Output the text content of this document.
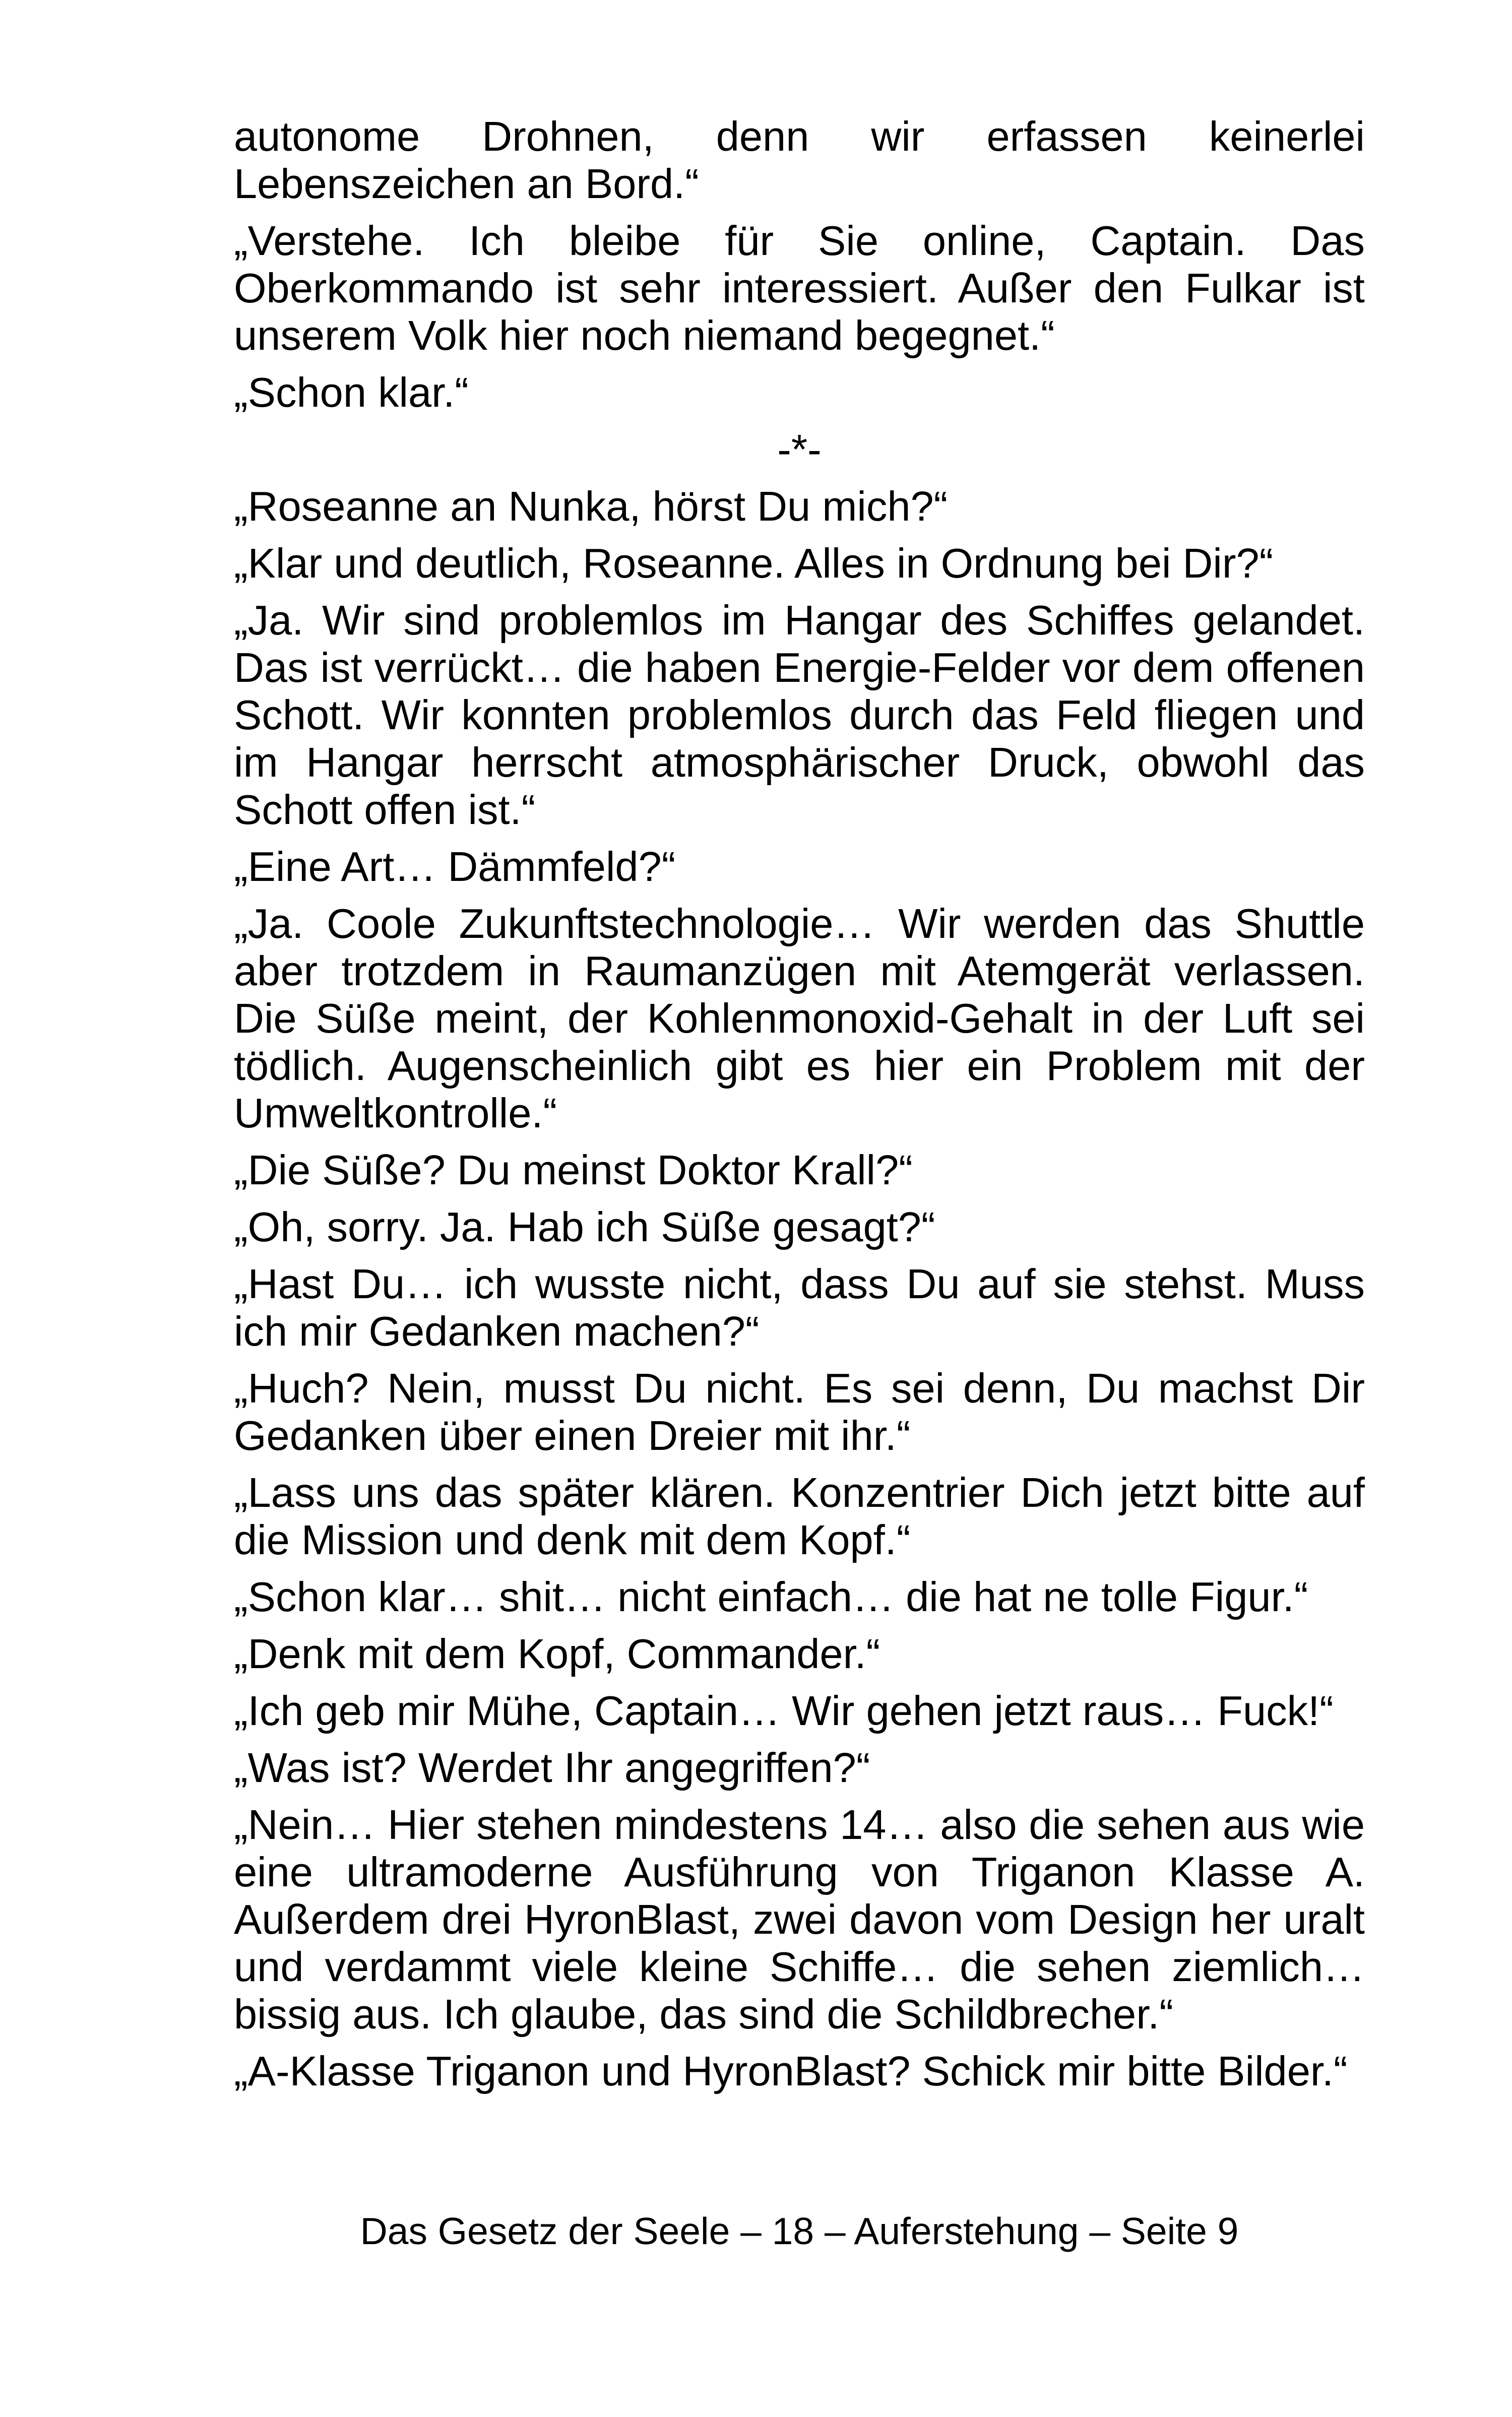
autonome Drohnen, denn wir erfassen keinerlei Lebenszeichen an Bord.“

„Verstehe. Ich bleibe für Sie online, Captain. Das Oberkommando ist sehr interessiert. Außer den Fulkar ist unserem Volk hier noch niemand begegnet.“

„Schon klar.“

-*-

„Roseanne an Nunka, hörst Du mich?“

„Klar und deutlich, Roseanne. Alles in Ordnung bei Dir?“

„Ja. Wir sind problemlos im Hangar des Schiffes gelandet. Das ist verrückt… die haben Energie-Felder vor dem offenen Schott. Wir konnten problemlos durch das Feld fliegen und im Hangar herrscht atmosphärischer Druck, obwohl das Schott offen ist.“

„Eine Art… Dämmfeld?“

„Ja. Coole Zukunftstechnologie… Wir werden das Shuttle aber trotzdem in Raumanzügen mit Atemgerät verlassen. Die Süße meint, der Kohlenmonoxid-Gehalt in der Luft sei tödlich. Augenscheinlich gibt es hier ein Problem mit der Umweltkontrolle.“

„Die Süße? Du meinst Doktor Krall?“

„Oh, sorry. Ja. Hab ich Süße gesagt?“

„Hast Du… ich wusste nicht, dass Du auf sie stehst. Muss ich mir Gedanken machen?“

„Huch? Nein, musst Du nicht. Es sei denn, Du machst Dir Gedanken über einen Dreier mit ihr.“

„Lass uns das später klären. Konzentrier Dich jetzt bitte auf die Mission und denk mit dem Kopf.“

„Schon klar… shit… nicht einfach… die hat ne tolle Figur.“

„Denk mit dem Kopf, Commander.“

„Ich geb mir Mühe, Captain… Wir gehen jetzt raus… Fuck!“

„Was ist? Werdet Ihr angegriffen?“

„Nein… Hier stehen mindestens 14… also die sehen aus wie eine ultramoderne Ausführung von Triganon Klasse A. Außerdem drei HyronBlast, zwei davon vom Design her uralt und verdammt viele kleine Schiffe… die sehen ziemlich… bissig aus. Ich glaube, das sind die Schildbrecher.“

„A-Klasse Triganon und HyronBlast? Schick mir bitte Bilder.“

Das Gesetz der Seele – 18 – Auferstehung – Seite 9
